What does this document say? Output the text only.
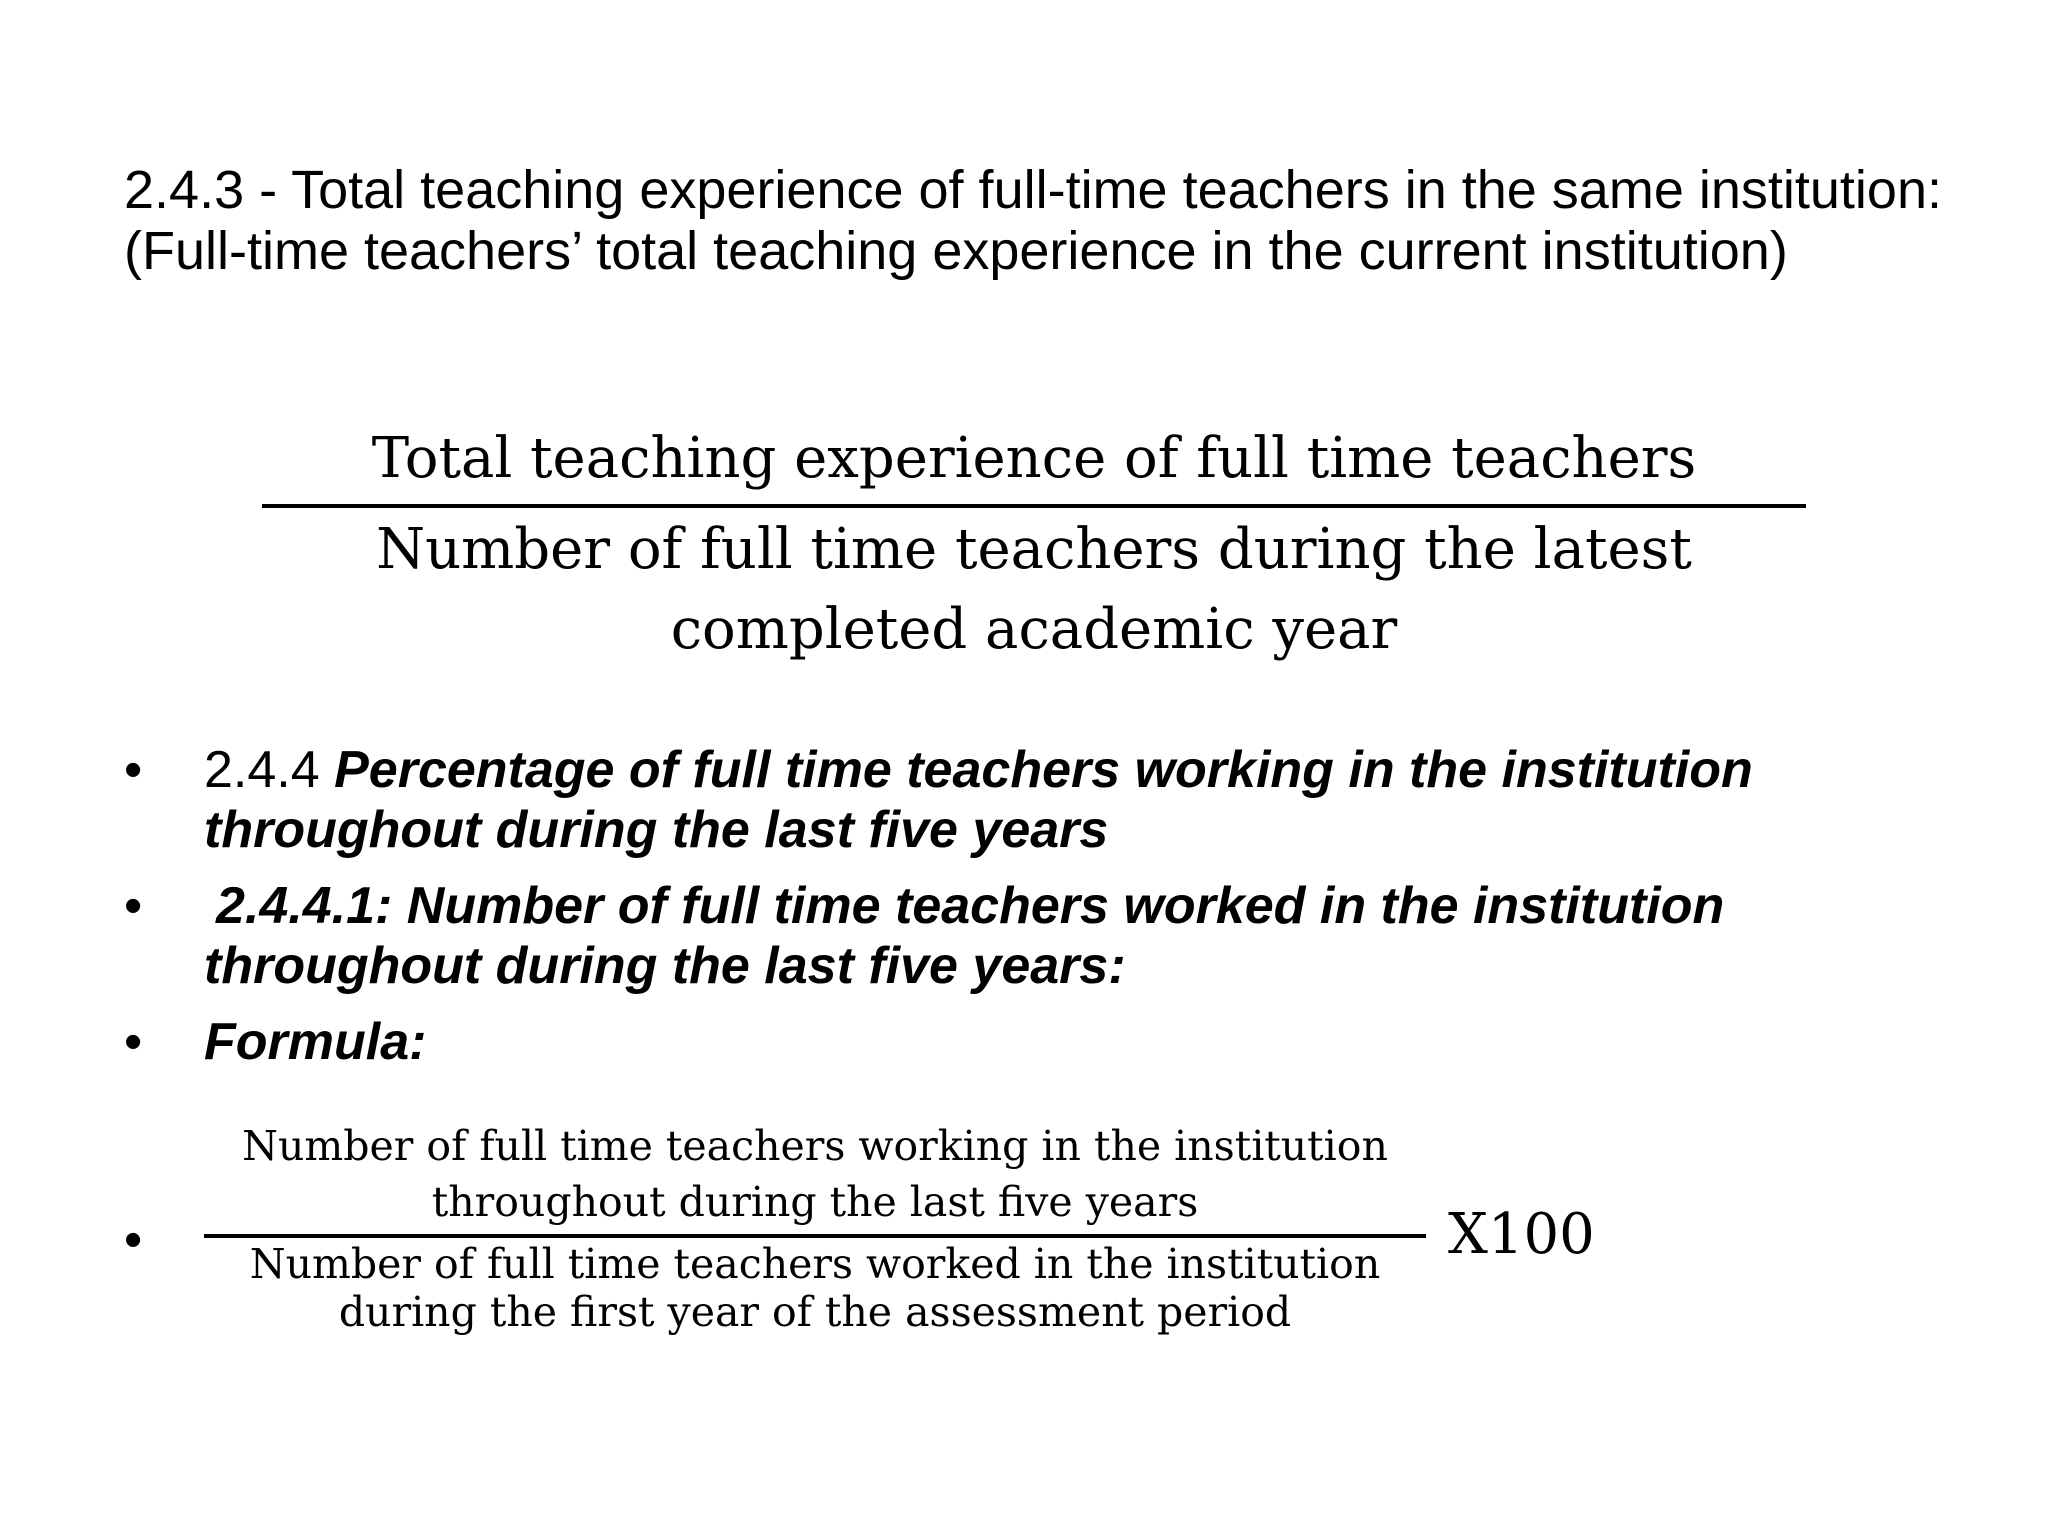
2.4.3 - Total teaching experience of full-time teachers in the same institution: (Full-time teachers’ total teaching experience in the current institution)

Total teaching experience of full time teachers
Number of full time teachers during the latest completed academic year
•	2.4.4 Percentage of full time teachers working in the institution throughout during the last five years
•	2.4.4.1: Number of full time teachers worked in the institution throughout during the last five years:
•	Formula:
•
Number of full time teachers working in the institution throughout during the last five years
Number of full time teachers worked in the institution during the first year of the assessment period
X100
